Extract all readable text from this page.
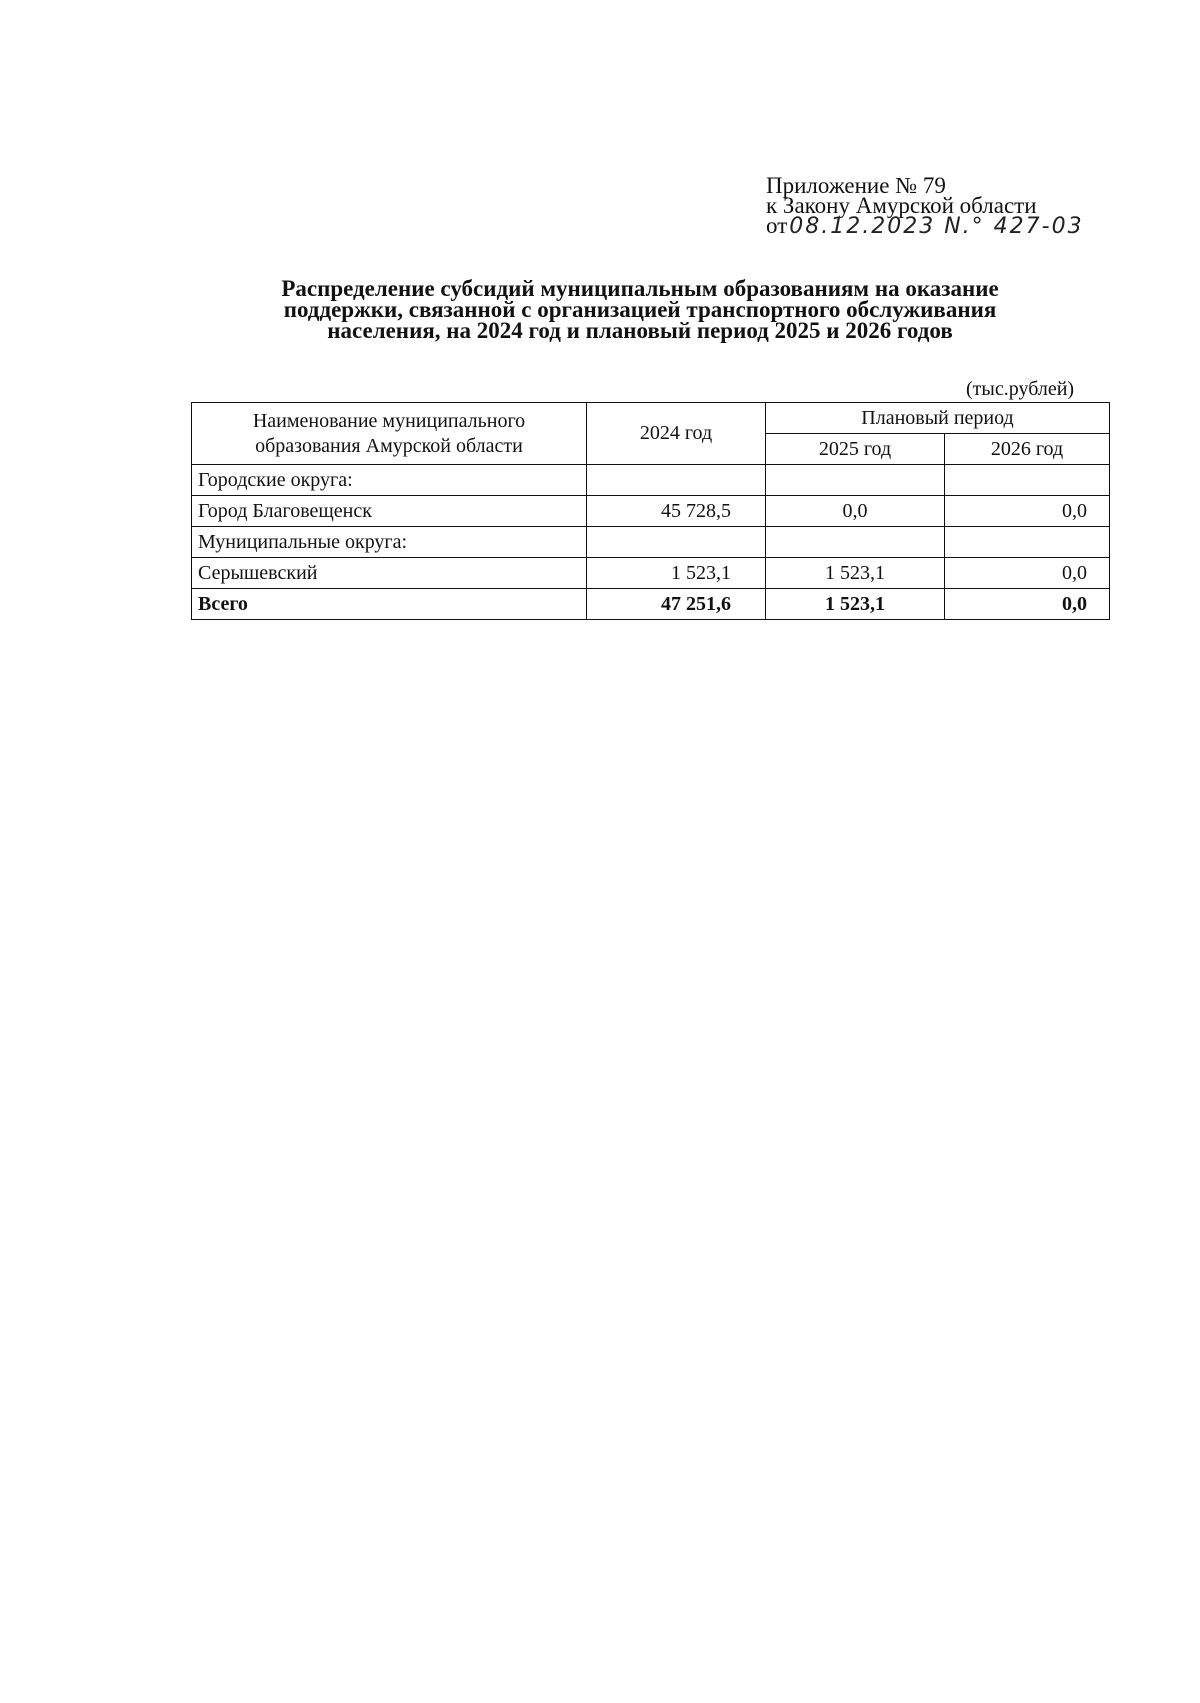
Приложение № 79
к Закону Амурской области
от08.12.2023 N.° 427-03
Распределение субсидий муниципальным образованиям на оказание
поддержки, связанной с организацией транспортного обслуживания
населения, на 2024 год и плановый период 2025 и 2026 годов
(тыс.рублей)
Наименование муниципального
образования Амурской области	2024 год	Плановый период	
		2025 год	2026 год
Городские округа:			
Город Благовещенск	45 728,5	0,0	0,0
Муниципальные округа:			
Серышевский	1 523,1	1 523,1	0,0
Всего	47 251,6	1 523,1	0,0
